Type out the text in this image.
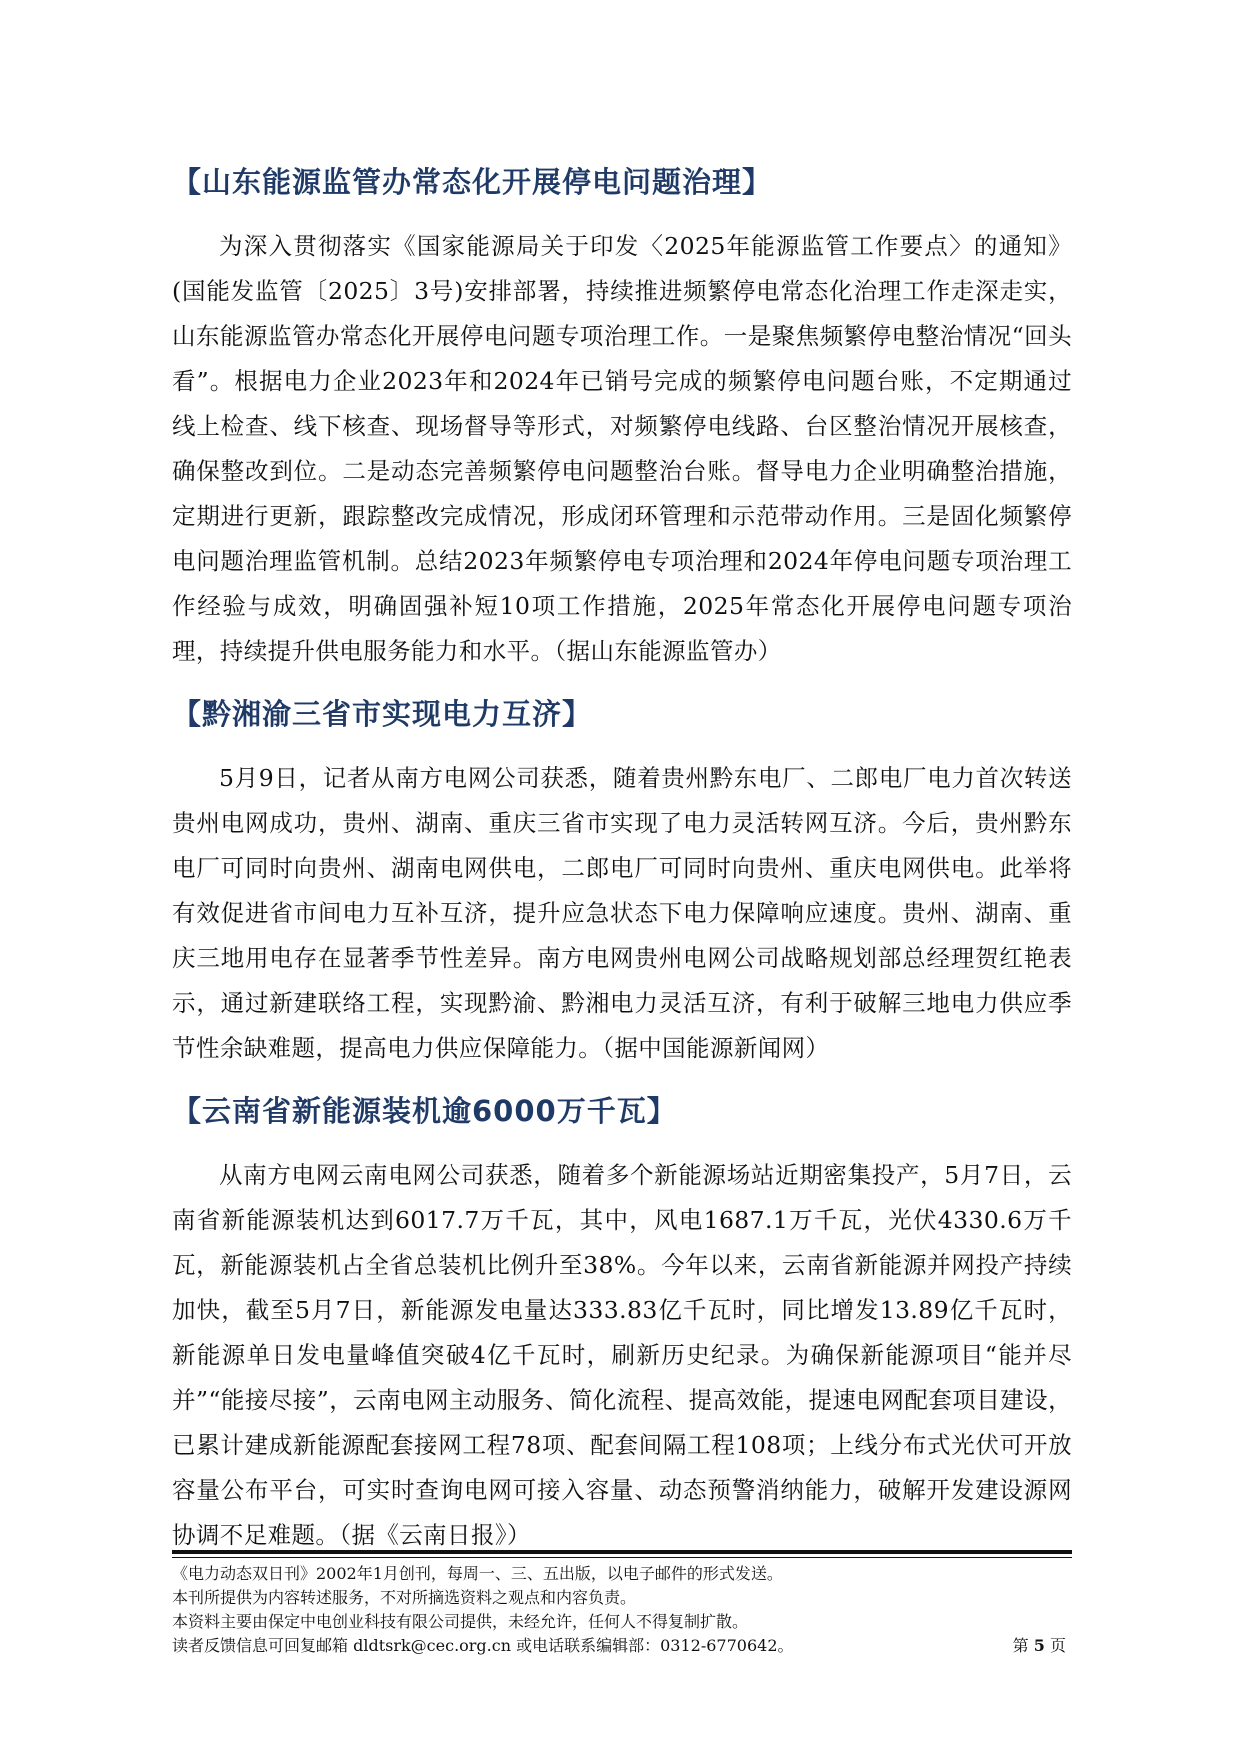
【山东能源监管办常态化开展停电问题治理】

为深入贯彻落实《国家能源局关于印发〈2025年能源监管工作要点〉的通知》(国能发监管〔2025〕3号)安排部署，持续推进频繁停电常态化治理工作走深走实，山东能源监管办常态化开展停电问题专项治理工作。一是聚焦频繁停电整治情况“回头看”。根据电力企业2023年和2024年已销号完成的频繁停电问题台账，不定期通过线上检查、线下核查、现场督导等形式，对频繁停电线路、台区整治情况开展核查，确保整改到位。二是动态完善频繁停电问题整治台账。督导电力企业明确整治措施，定期进行更新，跟踪整改完成情况，形成闭环管理和示范带动作用。三是固化频繁停电问题治理监管机制。总结2023年频繁停电专项治理和2024年停电问题专项治理工作经验与成效，明确固强补短10项工作措施，2025年常态化开展停电问题专项治理，持续提升供电服务能力和水平。（据山东能源监管办）

【黔湘渝三省市实现电力互济】

5月9日，记者从南方电网公司获悉，随着贵州黔东电厂、二郎电厂电力首次转送贵州电网成功，贵州、湖南、重庆三省市实现了电力灵活转网互济。今后，贵州黔东电厂可同时向贵州、湖南电网供电，二郎电厂可同时向贵州、重庆电网供电。此举将有效促进省市间电力互补互济，提升应急状态下电力保障响应速度。贵州、湖南、重庆三地用电存在显著季节性差异。南方电网贵州电网公司战略规划部总经理贺红艳表示，通过新建联络工程，实现黔渝、黔湘电力灵活互济，有利于破解三地电力供应季节性余缺难题，提高电力供应保障能力。（据中国能源新闻网）

【云南省新能源装机逾6000万千瓦】

从南方电网云南电网公司获悉，随着多个新能源场站近期密集投产，5月7日，云南省新能源装机达到6017.7万千瓦，其中，风电1687.1万千瓦，光伏4330.6万千瓦，新能源装机占全省总装机比例升至38%。今年以来，云南省新能源并网投产持续加快，截至5月7日，新能源发电量达333.83亿千瓦时，同比增发13.89亿千瓦时，新能源单日发电量峰值突破4亿千瓦时，刷新历史纪录。为确保新能源项目“能并尽并”“能接尽接”，云南电网主动服务、简化流程、提高效能，提速电网配套项目建设，已累计建成新能源配套接网工程78项、配套间隔工程108项；上线分布式光伏可开放容量公布平台，可实时查询电网可接入容量、动态预警消纳能力，破解开发建设源网协调不足难题。（据《云南日报》）

《电力动态双日刊》2002年1月创刊，每周一、三、五出版，以电子邮件的形式发送。
本刊所提供为内容转述服务，不对所摘选资料之观点和内容负责。
本资料主要由保定中电创业科技有限公司提供，未经允许，任何人不得复制扩散。
读者反馈信息可回复邮箱 dldtsrk@cec.org.cn 或电话联系编辑部：0312-6770642。	第 5 页
